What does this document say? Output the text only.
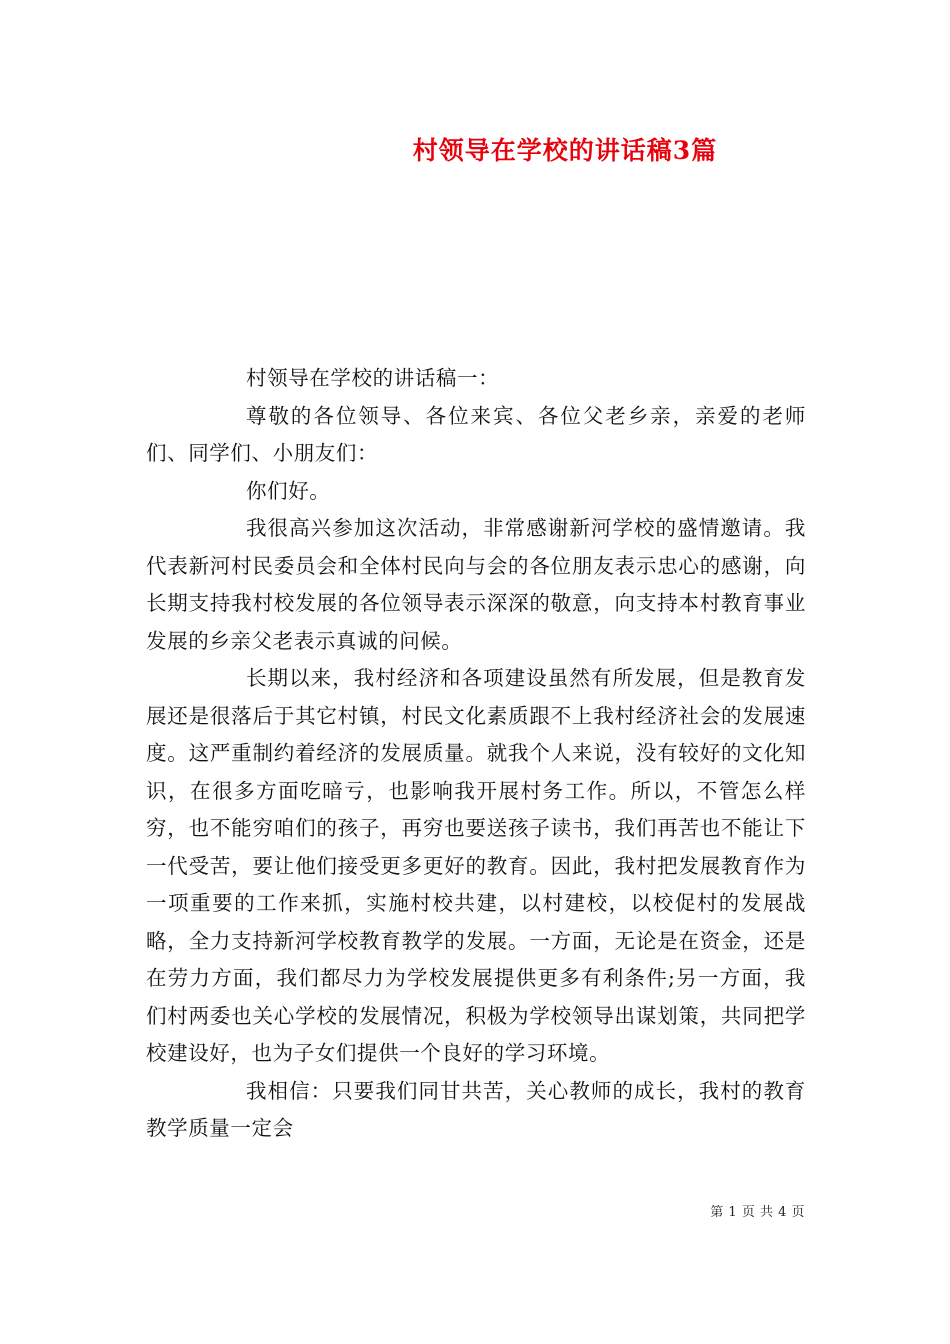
村领导在学校的讲话稿3篇

村领导在学校的讲话稿一：

尊敬的各位领导、各位来宾、各位父老乡亲，亲爱的老师们、同学们、小朋友们：

你们好。

我很高兴参加这次活动，非常感谢新河学校的盛情邀请。我代表新河村民委员会和全体村民向与会的各位朋友表示忠心的感谢，向长期支持我村校发展的各位领导表示深深的敬意，向支持本村教育事业发展的乡亲父老表示真诚的问候。

长期以来，我村经济和各项建设虽然有所发展，但是教育发展还是很落后于其它村镇，村民文化素质跟不上我村经济社会的发展速度。这严重制约着经济的发展质量。就我个人来说，没有较好的文化知识，在很多方面吃暗亏，也影响我开展村务工作。所以，不管怎么样穷，也不能穷咱们的孩子，再穷也要送孩子读书，我们再苦也不能让下一代受苦，要让他们接受更多更好的教育。因此，我村把发展教育作为一项重要的工作来抓，实施村校共建，以村建校，以校促村的发展战略，全力支持新河学校教育教学的发展。一方面，无论是在资金，还是在劳力方面，我们都尽力为学校发展提供更多有利条件;另一方面，我们村两委也关心学校的发展情况，积极为学校领导出谋划策，共同把学校建设好，也为子女们提供一个良好的学习环境。

我相信：只要我们同甘共苦，关心教师的成长，我村的教育教学质量一定会

第 1 页 共 4 页
